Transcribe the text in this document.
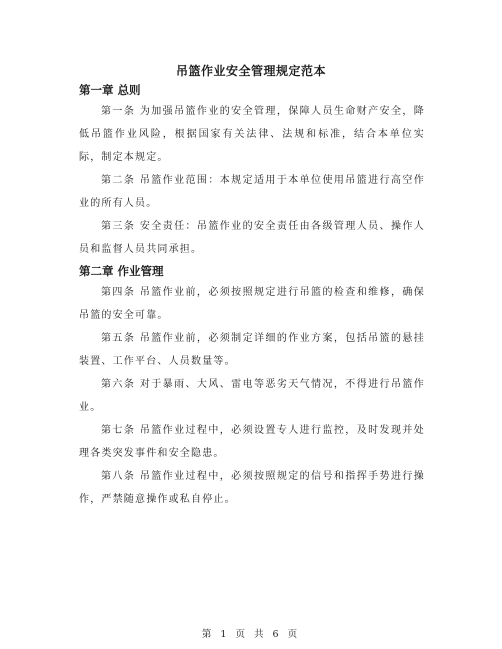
吊篮作业安全管理规定范本
第一章 总则

第一条 为加强吊篮作业的安全管理，保障人员生命财产安全，降低吊篮作业风险，根据国家有关法律、法规和标准，结合本单位实际，制定本规定。

第二条 吊篮作业范围：本规定适用于本单位使用吊篮进行高空作业的所有人员。

第三条 安全责任：吊篮作业的安全责任由各级管理人员、操作人员和监督人员共同承担。

第二章 作业管理

第四条 吊篮作业前，必须按照规定进行吊篮的检查和维修，确保吊篮的安全可靠。

第五条 吊篮作业前，必须制定详细的作业方案，包括吊篮的悬挂装置、工作平台、人员数量等。

第六条 对于暴雨、大风、雷电等恶劣天气情况，不得进行吊篮作业。

第七条 吊篮作业过程中，必须设置专人进行监控，及时发现并处理各类突发事件和安全隐患。

第八条 吊篮作业过程中，必须按照规定的信号和指挥手势进行操作，严禁随意操作或私自停止。

第 1 页 共 6 页
